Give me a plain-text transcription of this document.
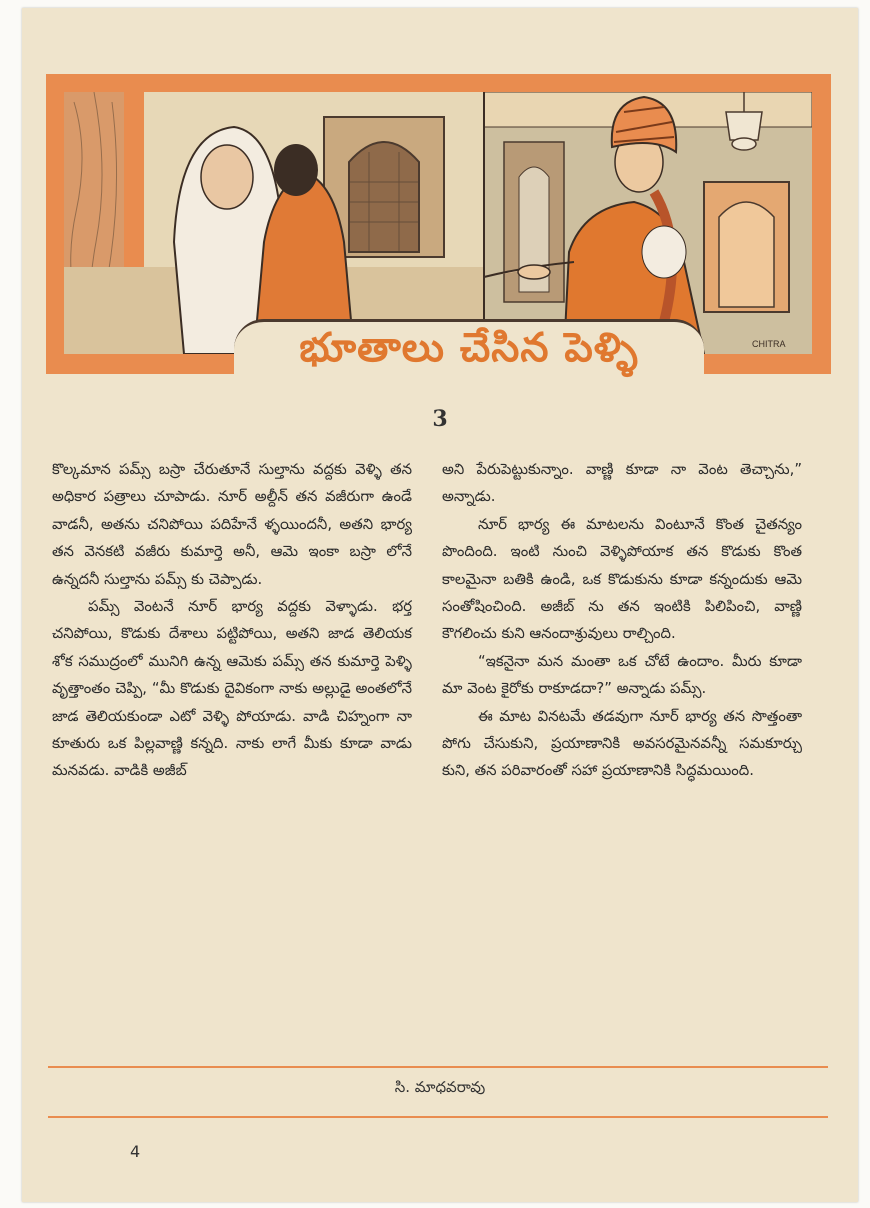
CHITRA
భూతాలు చేసిన పెళ్ళి
3

కొల్కమాన పమ్స్ బస్రా చేరుతూనే సుల్తాను వద్దకు వెళ్ళి తన అధికార పత్రాలు చూపాడు. నూర్ అల్దీన్ తన వజీరుగా ఉండే వాడనీ, అతను చనిపోయి పదిహేనే ళ్ళయిందనీ, అతని భార్య తన వెనకటి వజీరు కుమార్తె అనీ, ఆమె ఇంకా బస్రా లోనే ఉన్నదనీ సుల్తాను పమ్స్ కు చెప్పాడు.

పమ్స్ వెంటనే నూర్ భార్య వద్దకు వెళ్ళాడు. భర్త చనిపోయి, కొడుకు దేశాలు పట్టిపోయి, అతని జాడ తెలియక శోక సముద్రంలో మునిగి ఉన్న ఆమెకు పమ్స్ తన కుమార్తె పెళ్ళి వృత్తాంతం చెప్పి, “మీ కొడుకు దైవికంగా నాకు అల్లుడై అంతలోనే జాడ తెలియకుండా ఎటో వెళ్ళి పోయాడు. వాడి చిహ్నంగా నా కూతురు ఒక పిల్లవాణ్ణి కన్నది. నాకు లాగే మీకు కూడా వాడు మనవడు. వాడికి అజీబ్

అని పేరుపెట్టుకున్నాం. వాణ్ణి కూడా నా వెంట తెచ్చాను,” అన్నాడు.

నూర్ భార్య ఈ మాటలను వింటూనే కొంత చైతన్యం పొందింది. ఇంటి నుంచి వెళ్ళిపోయాక తన కొడుకు కొంత కాలమైనా బతికి ఉండి, ఒక కొడుకును కూడా కన్నందుకు ఆమె సంతోషించింది. అజీబ్ ను తన ఇంటికి పిలిపించి, వాణ్ణి కౌగలించు కుని ఆనందాశ్రువులు రాల్చింది.

“ఇకనైనా మన మంతా ఒక చోటే ఉందాం. మీరు కూడా మా వెంట కైరోకు రాకూడదా?” అన్నాడు పమ్స్.

ఈ మాట వినటమే తడవుగా నూర్ భార్య తన సొత్తంతా పోగు చేసుకుని, ప్రయాణానికి అవసరమైనవన్నీ సమకూర్చు కుని, తన పరివారంతో సహా ప్రయాణానికి సిద్ధమయింది.

సి. మాధవరావు
4
